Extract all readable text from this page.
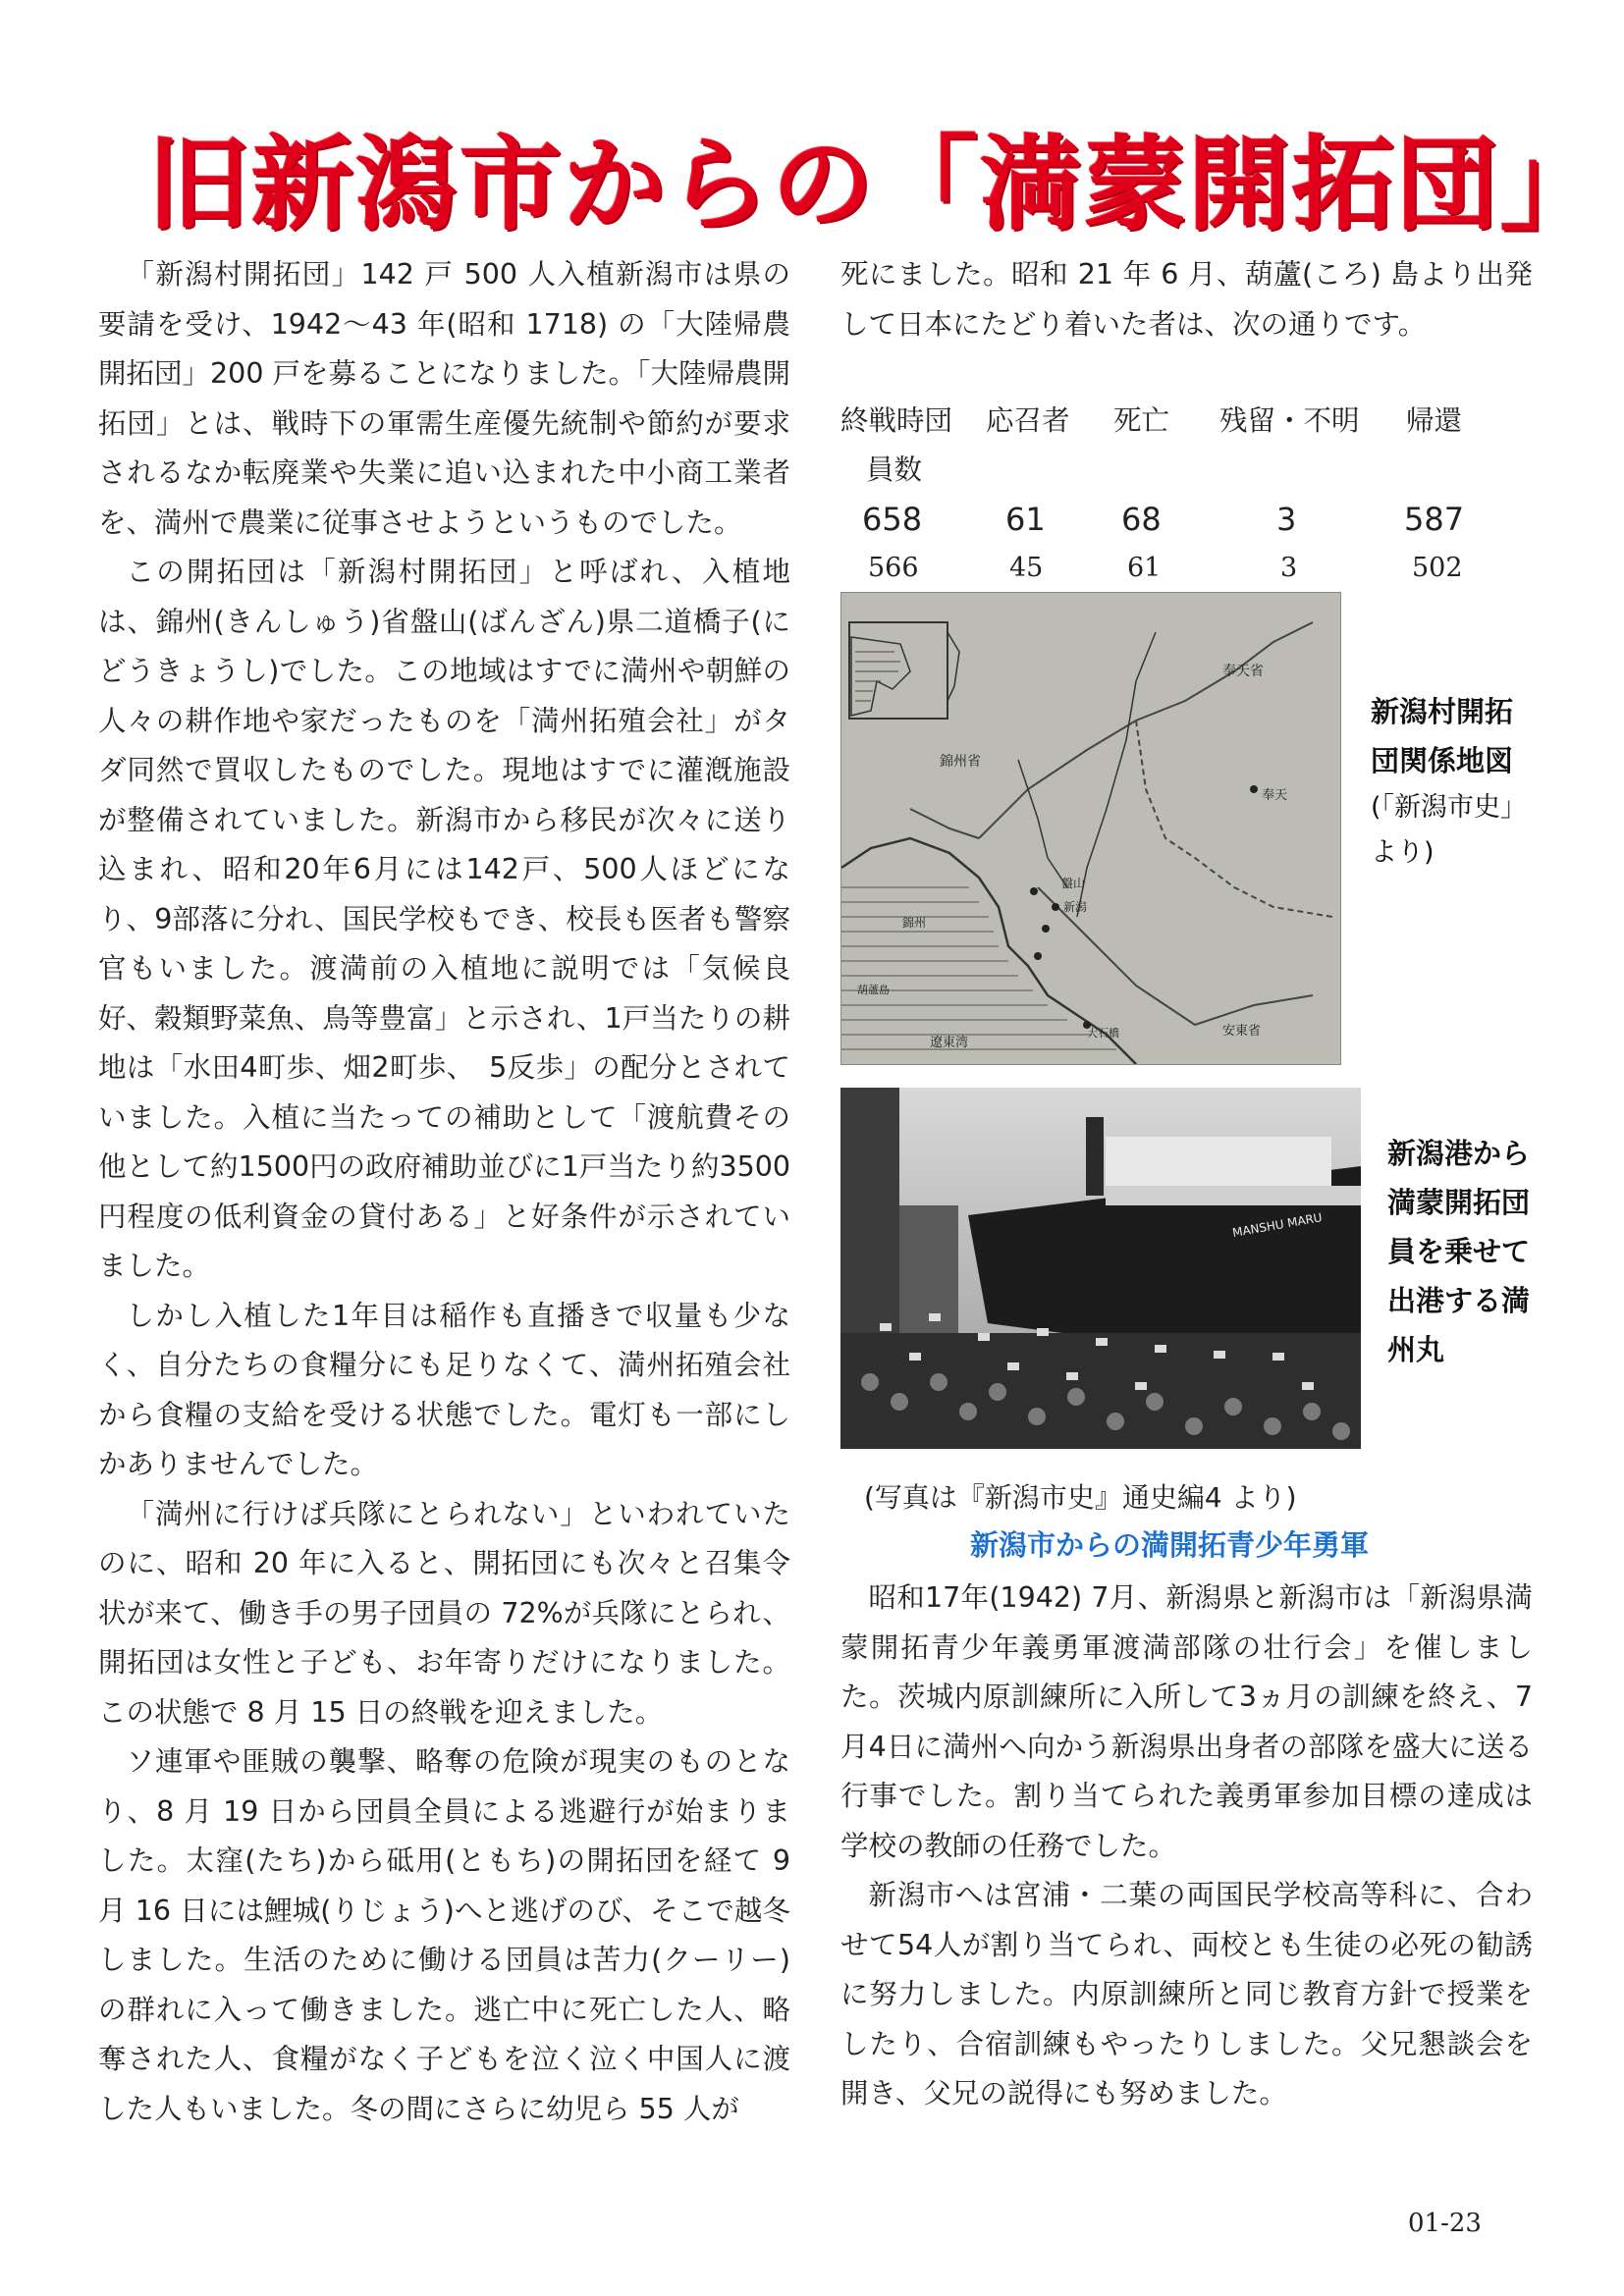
旧新潟市からの「満蒙開拓団」

「新潟村開拓団」142 戸 500 人入植新潟市は県の要請を受け、1942〜43 年(昭和 1718) の「大陸帰農開拓団」200 戸を募ることになりました。「大陸帰農開拓団」とは、戦時下の軍需生産優先統制や節約が要求されるなか転廃業や失業に追い込まれた中小商工業者を、満州で農業に従事させようというものでした。

この開拓団は「新潟村開拓団」と呼ばれ、入植地は、錦州(きんしゅう)省盤山(ばんざん)県二道橋子(にどうきょうし)でした。この地域はすでに満州や朝鮮の人々の耕作地や家だったものを「満州拓殖会社」がタダ同然で買収したものでした。現地はすでに灌漑施設が整備されていました。新潟市から移民が次々に送り込まれ、昭和20年6月には142戸、500人ほどになり、9部落に分れ、国民学校もでき、校長も医者も警察官もいました。渡満前の入植地に説明では「気候良好、穀類野菜魚、鳥等豊富」と示され、1戸当たりの耕地は「水田4町歩、畑2町歩、　5反歩」の配分とされていました。入植に当たっての補助として「渡航費その他として約1500円の政府補助並びに1戸当たり約3500円程度の低利資金の貸付ある」と好条件が示されていました。

しかし入植した1年目は稲作も直播きで収量も少なく、自分たちの食糧分にも足りなくて、満州拓殖会社から食糧の支給を受ける状態でした。電灯も一部にしかありませんでした。

「満州に行けば兵隊にとられない」といわれていたのに、昭和 20 年に入ると、開拓団にも次々と召集令状が来て、働き手の男子団員の 72%が兵隊にとられ、開拓団は女性と子ども、お年寄りだけになりました。この状態で 8 月 15 日の終戦を迎えました。

ソ連軍や匪賊の襲撃、略奪の危険が現実のものとなり、8 月 19 日から団員全員による逃避行が始まりました。太窪(たち)から砥用(ともち)の開拓団を経て 9 月 16 日には鯉城(りじょう)へと逃げのび、そこで越冬しました。生活のために働ける団員は苦力(クーリー)の群れに入って働きました。逃亡中に死亡した人、略奪された人、食糧がなく子どもを泣く泣く中国人に渡した人もいました。冬の間にさらに幼児ら 55 人が

死にました。昭和 21 年 6 月、葫蘆(ころ) 島より出発して日本にたどり着いた者は、次の通りです。

終戦時団 応召者 死亡 残留・不明 帰還
員数
658	61 68	3	587
566	45	61	3	502
奉天省
錦州省
奉天
盤山
新潟
錦州
葫蘆島
遼東湾
大石橋	安東省
新潟村開拓団関係地図
(「新潟市史」より)
MANSHU MARU
新潟港から満蒙開拓団員を乗せて出港する満州丸
(写真は『新潟市史』通史編4 より)
新潟市からの満開拓青少年勇軍

昭和17年(1942) 7月、新潟県と新潟市は「新潟県満蒙開拓青少年義勇軍渡満部隊の壮行会」を催しました。茨城内原訓練所に入所して3ヵ月の訓練を終え、7月4日に満州へ向かう新潟県出身者の部隊を盛大に送る行事でした。割り当てられた義勇軍参加目標の達成は学校の教師の任務でした。

新潟市へは宮浦・二葉の両国民学校高等科に、合わせて54人が割り当てられ、両校とも生徒の必死の勧誘に努力しました。内原訓練所と同じ教育方針で授業をしたり、合宿訓練もやったりしました。父兄懇談会を開き、父兄の説得にも努めました。

01-23
